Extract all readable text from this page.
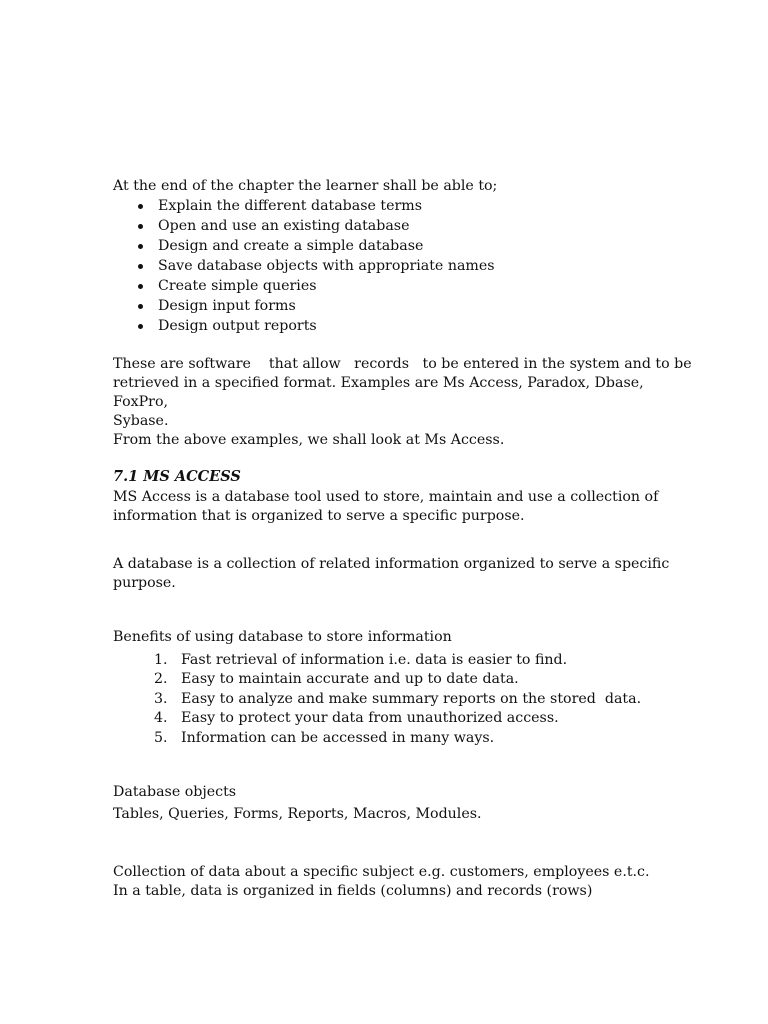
At the end of the chapter the learner shall be able to;

Explain the different database terms
Open and use an existing database
Design and create a simple database
Save database objects with appropriate names
Create simple queries
Design input forms
Design output reports

These are software    that allow   records   to be entered in the system and to be

retrieved in a specified format. Examples are Ms Access, Paradox, Dbase, FoxPro,

Sybase.

From the above examples, we shall look at Ms Access.

7.1 MS ACCESS

MS Access is a database tool used to store, maintain and use a collection of

information that is organized to serve a specific purpose.

A database is a collection of related information organized to serve a specific

purpose.

Benefits of using database to store information

1. Fast retrieval of information i.e. data is easier to find.
2. Easy to maintain accurate and up to date data.
3. Easy to analyze and make summary reports on the stored  data.
4. Easy to protect your data from unauthorized access.
5. Information can be accessed in many ways.

Database objects

Tables, Queries, Forms, Reports, Macros, Modules.

Collection of data about a specific subject e.g. customers, employees e.t.c.

In a table, data is organized in fields (columns) and records (rows)
